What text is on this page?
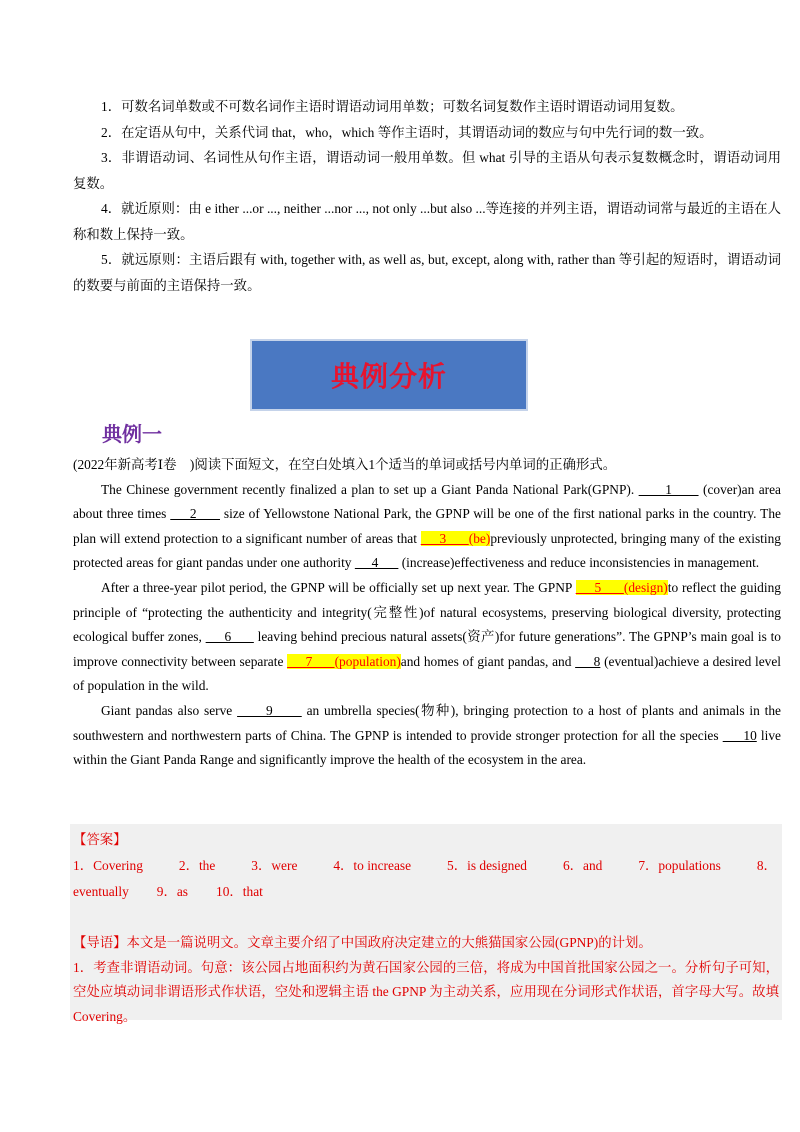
1．可数名词单数或不可数名词作主语时谓语动词用单数；可数名词复数作主语时谓语动词用复数。

2．在定语从句中，关系代词 that，who，which 等作主语时，其谓语动词的数应与句中先行词的数一致。

3．非谓语动词、名词性从句作主语，谓语动词一般用单数。但 what 引导的主语从句表示复数概念时，谓语动词用复数。

4．就近原则：由 e ither ...or ..., neither ...nor ..., not only ...but also ...等连接的并列主语，谓语动词常与最近的主语在人称和数上保持一致。

5．就远原则：主语后跟有 with, together with, as well as, but, except, along with, rather than 等引起的短语时，谓语动词的数要与前面的主语保持一致。

典例分析
典例一

(2022年新高考Ⅰ卷　)阅读下面短文，在空白处填入1个适当的单词或括号内单词的正确形式。

The Chinese government recently finalized a plan to set up a Giant Panda National Park(GPNP).       1       (cover)an area about three times      2       size of Yellowstone National Park, the GPNP will be one of the first national parks in the country. The plan will extend protection to a significant number of areas that      3      (be)previously unprotected, bringing many of the existing protected areas for giant pandas under one authority      4       (increase)effectiveness and reduce inconsistencies in management.

After a three-year pilot period, the GPNP will be officially set up next year. The GPNP      5      (design)to reflect the guiding principle of “protecting the authenticity and integrity(完整性)of natural ecosystems, preserving biological diversity, protecting ecological buffer zones,      6       leaving behind precious natural assets(资产)for future generations”. The GPNP’s main goal is to improve connectivity between separate      7      (population)and homes of giant pandas, and      8 (eventual)achieve a desired level of population in the wild.

Giant pandas also serve       9       an umbrella species(物种), bringing protection to a host of plants and animals in the southwestern and northwestern parts of China. The GPNP is intended to provide stronger protection for all the species      10 live within the Giant Panda Range and significantly improve the health of the ecosystem in the area.

【答案】
1．Covering	2．the	3．were	4．to increase	5．is designed	6．and	7．populations	8．
eventually 9．as 10．that
【导语】本文是一篇说明文。文章主要介绍了中国政府决定建立的大熊猫国家公园(GPNP)的计划。
1．考查非谓语动词。句意：该公园占地面积约为黄石国家公园的三倍，将成为中国首批国家公园之一。分析句子可知，空处应填动词非谓语形式作状语，空处和逻辑主语 the GPNP 为主动关系，应用现在分词形式作状语，首字母大写。故填Covering。
